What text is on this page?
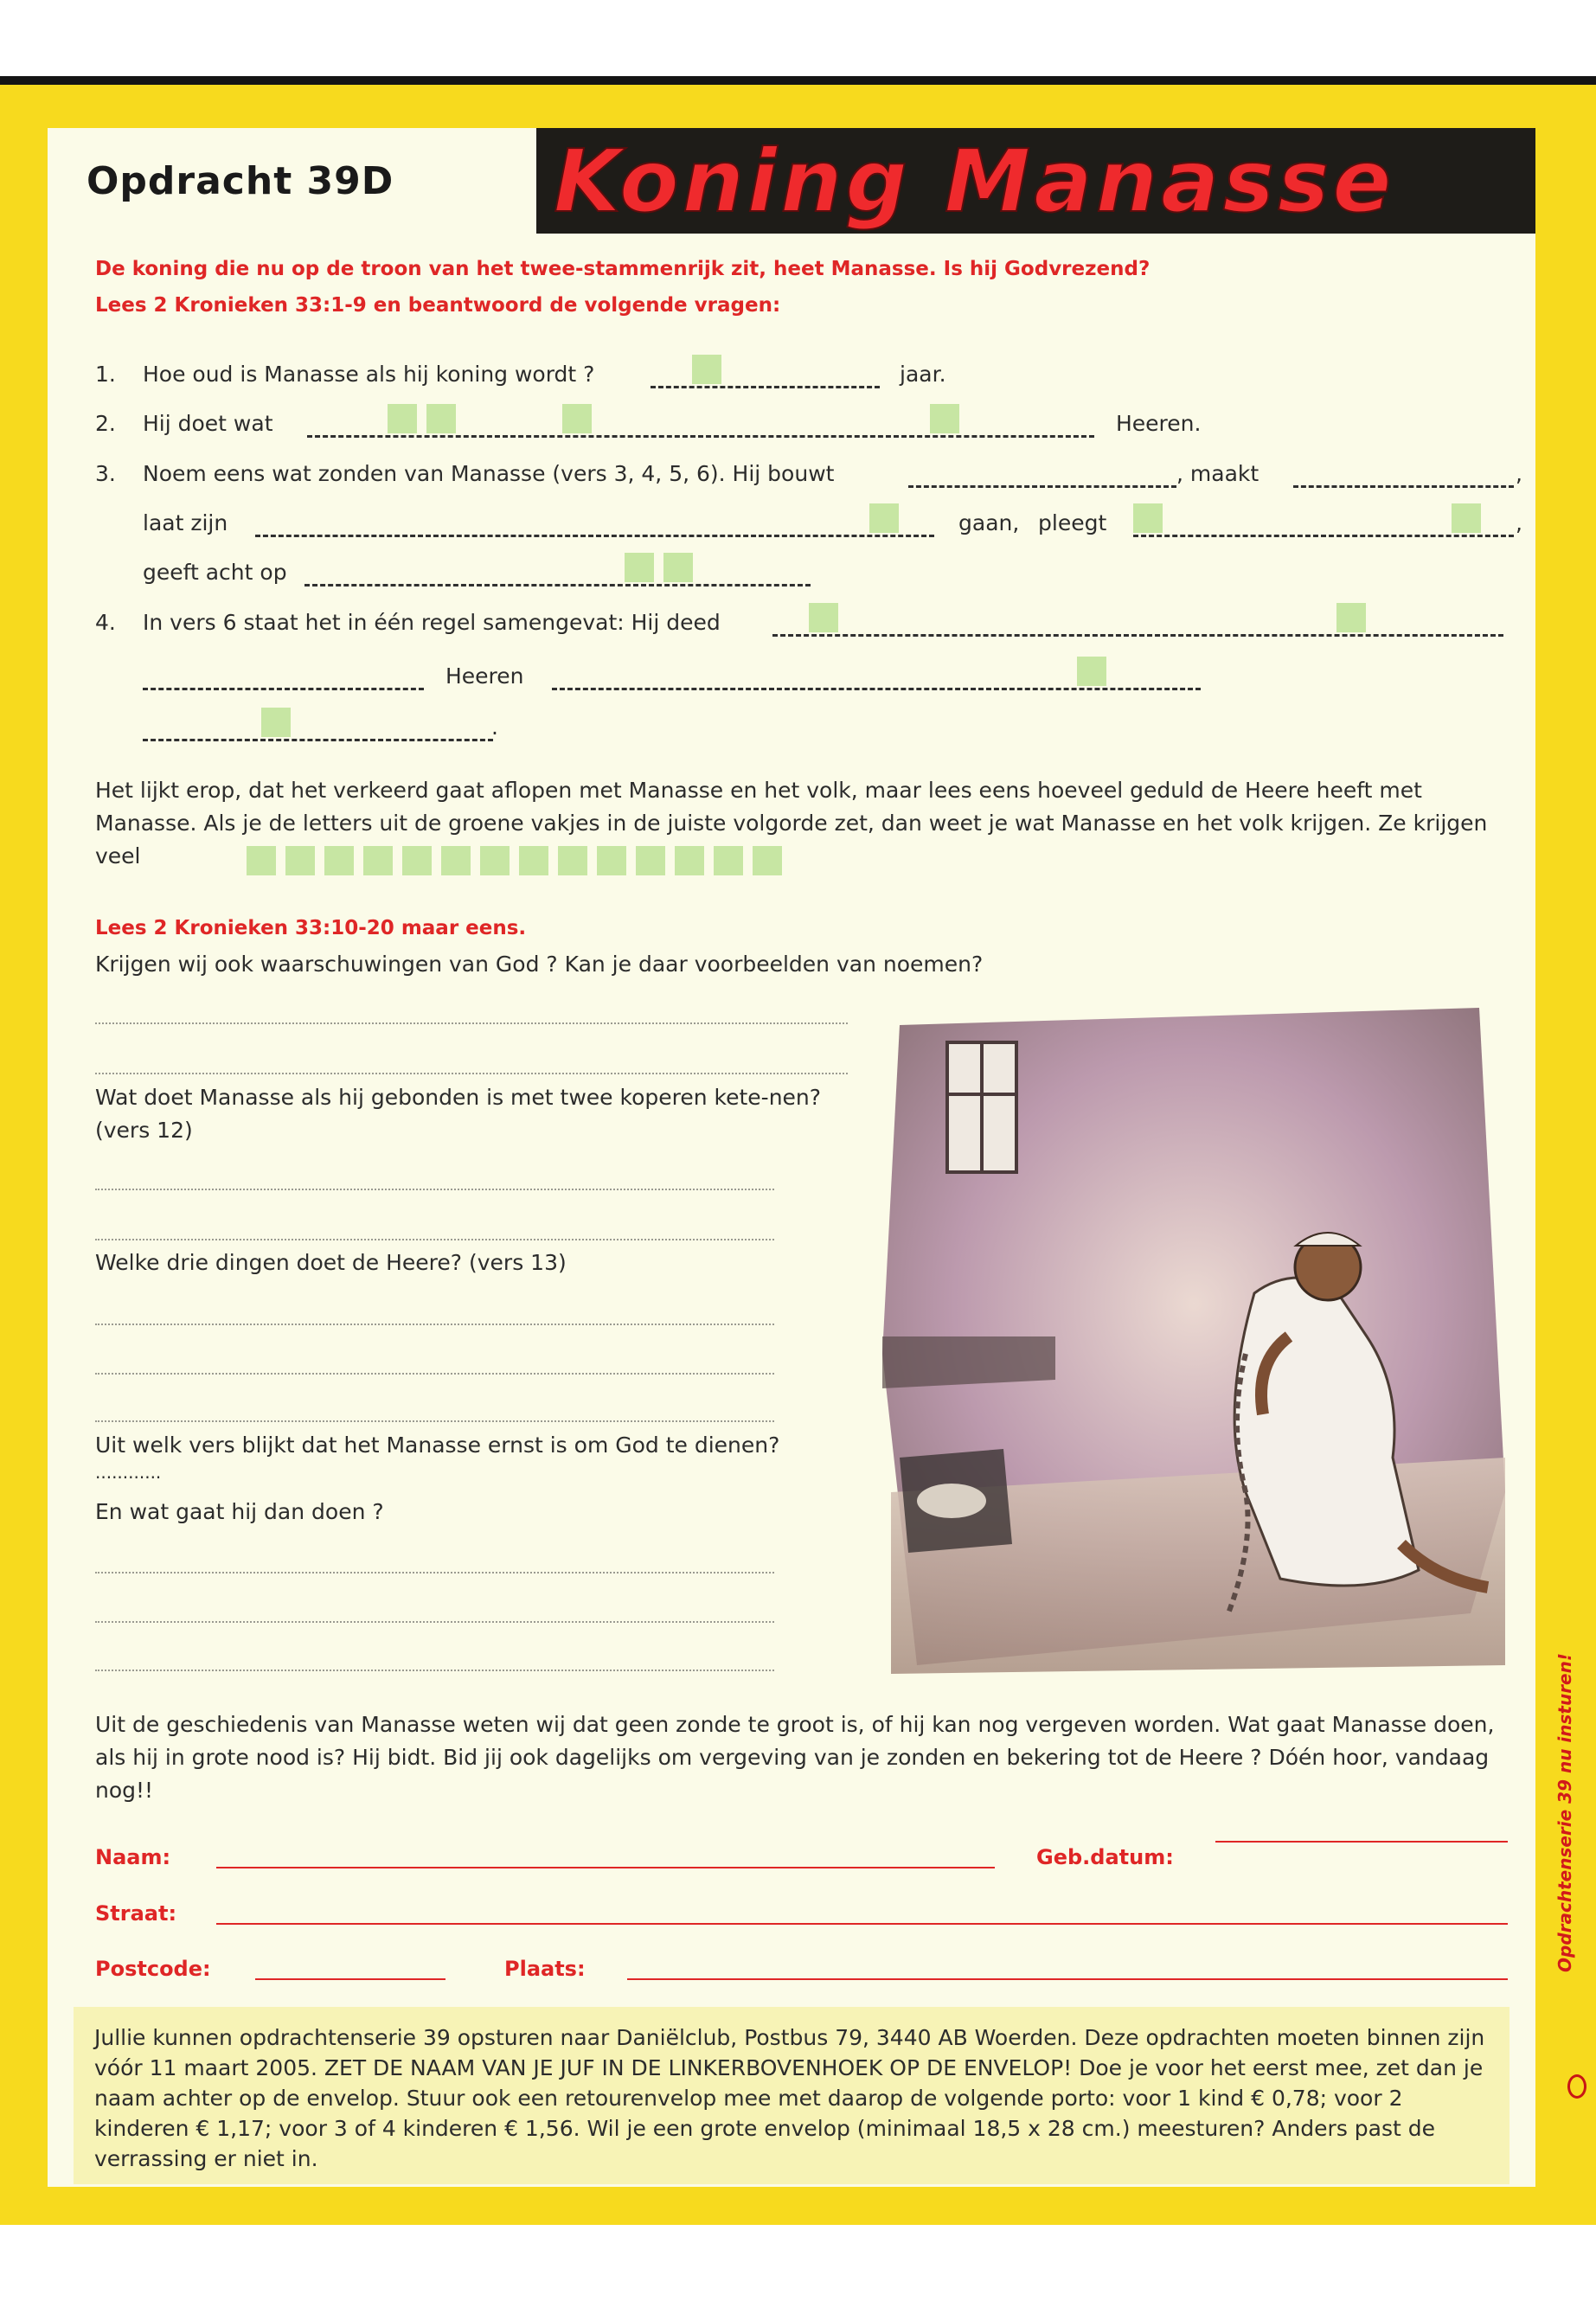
Opdracht 39D Koning Manasse
De koning die nu op de troon van het twee-stammenrijk zit, heet Manasse. Is hij Godvrezend?
Lees 2 Kronieken 33:1-9 en beantwoord de volgende vragen:
1. Hoe oud is Manasse als hij koning wordt ?	jaar.
2. Hij doet wat	Heeren.
3. Noem eens wat zonden van Manasse (vers 3, 4, 5, 6). Hij bouwt	, maakt	,
laat zijn	gaan, pleegt	,
geeft acht op
4. In vers 6 staat het in één regel samengevat: Hij deed
Heeren
.
Het lijkt erop, dat het verkeerd gaat aflopen met Manasse en het volk, maar lees eens hoeveel geduld de Heere heeft met Manasse. Als je de letters uit de groene vakjes in de juiste volgorde zet, dan weet je wat Manasse en het volk krijgen. Ze krijgen veel
Lees 2 Kronieken 33:10-20 maar eens.
Krijgen wij ook waarschuwingen van God ? Kan je daar voorbeelden van noemen?
Wat doet Manasse als hij gebonden is met twee koperen kete-nen? (vers 12)
Welke drie dingen doet de Heere? (vers 13)
Uit welk vers blijkt dat het Manasse ernst is om God te dienen?
............
En wat gaat hij dan doen ?
Uit de geschiedenis van Manasse weten wij dat geen zonde te groot is, of hij kan nog vergeven worden. Wat gaat Manasse doen, als hij in grote nood is? Hij bidt. Bid jij ook dagelijks om vergeving van je zonden en bekering tot de Heere ? Dóén hoor, vandaag nog!!
Naam:	Geb.datum:
Straat:
Postcode:	Plaats:

Jullie kunnen opdrachtenserie 39 opsturen naar Daniëlclub, Postbus 79, 3440 AB Woerden. Deze opdrachten moeten binnen zijn vóór 11 maart 2005. ZET DE NAAM VAN JE JUF IN DE LINKERBOVENHOEK OP DE ENVELOP! Doe je voor het eerst mee, zet dan je naam achter op de envelop. Stuur ook een retourenvelop mee met daarop de volgende porto: voor 1 kind € 0,78; voor 2 kinderen € 1,17; voor 3 of 4 kinderen € 1,56. Wil je een grote envelop (minimaal 18,5 x 28 cm.) meesturen? Anders past de verrassing er niet in.

Opdrachtenserie 39 nu insturen!
